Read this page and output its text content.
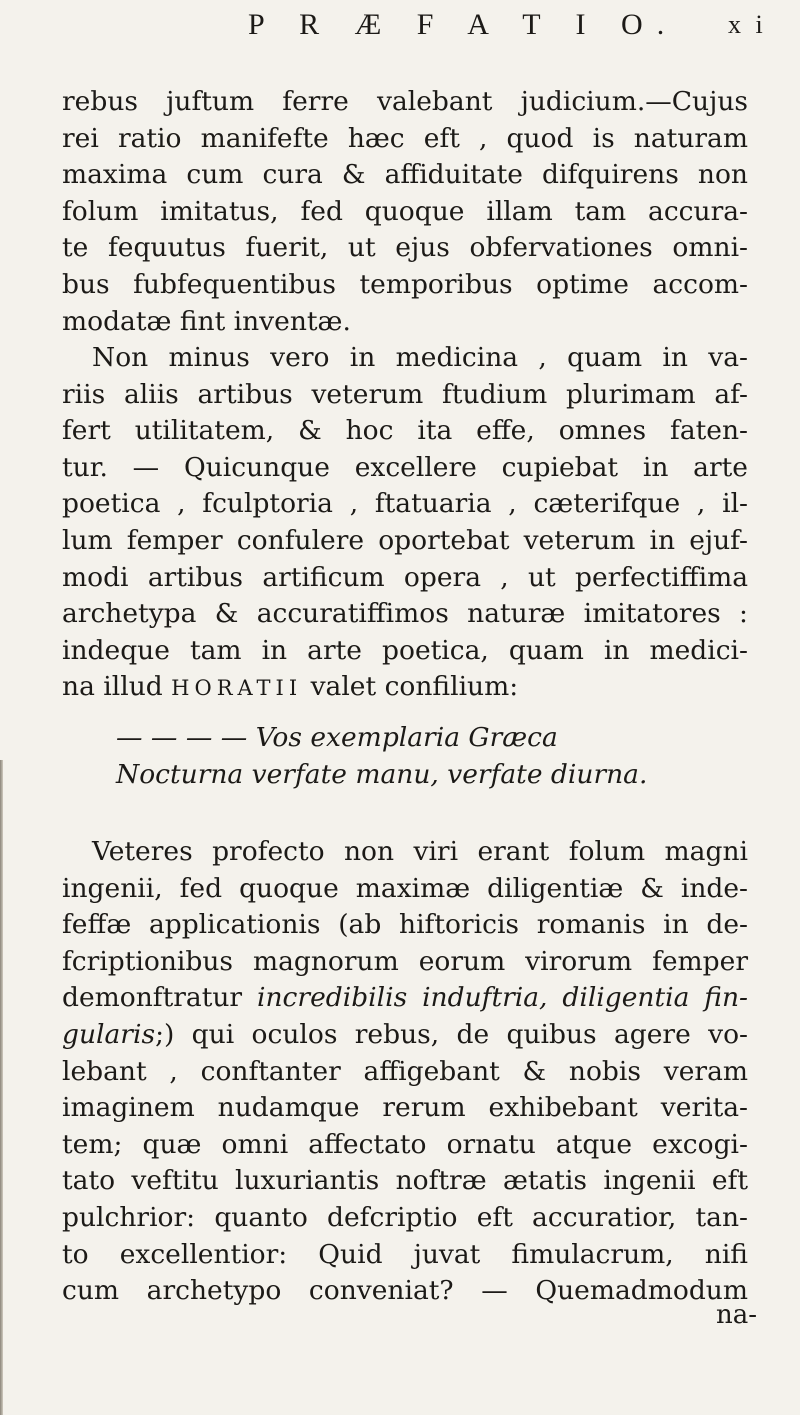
P R Æ F A T I O. x i
rebus juftum ferre valebant judicium.—Cujus
rei ratio manifefte hæc eft , quod is naturam
maxima cum cura & affiduitate difquirens non
folum imitatus, fed quoque illam tam accura-
te fequutus fuerit, ut ejus obfervationes omni-
bus fubfequentibus temporibus optime accom-
modatæ fint inventæ.
Non minus vero in medicina , quam in va-
riis aliis artibus veterum ftudium plurimam af-
fert utilitatem, & hoc ita effe, omnes faten-
tur. — Quicunque excellere cupiebat in arte
poetica , fculptoria , ftatuaria , cæterifque , il-
lum femper confulere oportebat veterum in ejuf-
modi artibus artificum opera , ut perfectiffima
archetypa & accuratiffimos naturæ imitatores :
indeque tam in arte poetica, quam in medici-
na illud HORATII valet confilium:
— — — — Vos exemplaria Græca
Nocturna verfate manu, verfate diurna.
Veteres profecto non viri erant folum magni
ingenii, fed quoque maximæ diligentiæ & inde-
feffæ applicationis (ab hiftoricis romanis in de-
fcriptionibus magnorum eorum virorum femper
demonftratur incredibilis induftria, diligentia fin-
gularis;) qui oculos rebus, de quibus agere vo-
lebant , conftanter affigebant & nobis veram
imaginem nudamque rerum exhibebant verita-
tem; quæ omni affectato ornatu atque excogi-
tato veftitu luxuriantis noftræ ætatis ingenii eft
pulchrior: quanto defcriptio eft accuratior, tan-
to excellentior: Quid juvat fimulacrum, nifi
cum archetypo conveniat? — Quemadmodum
na-
